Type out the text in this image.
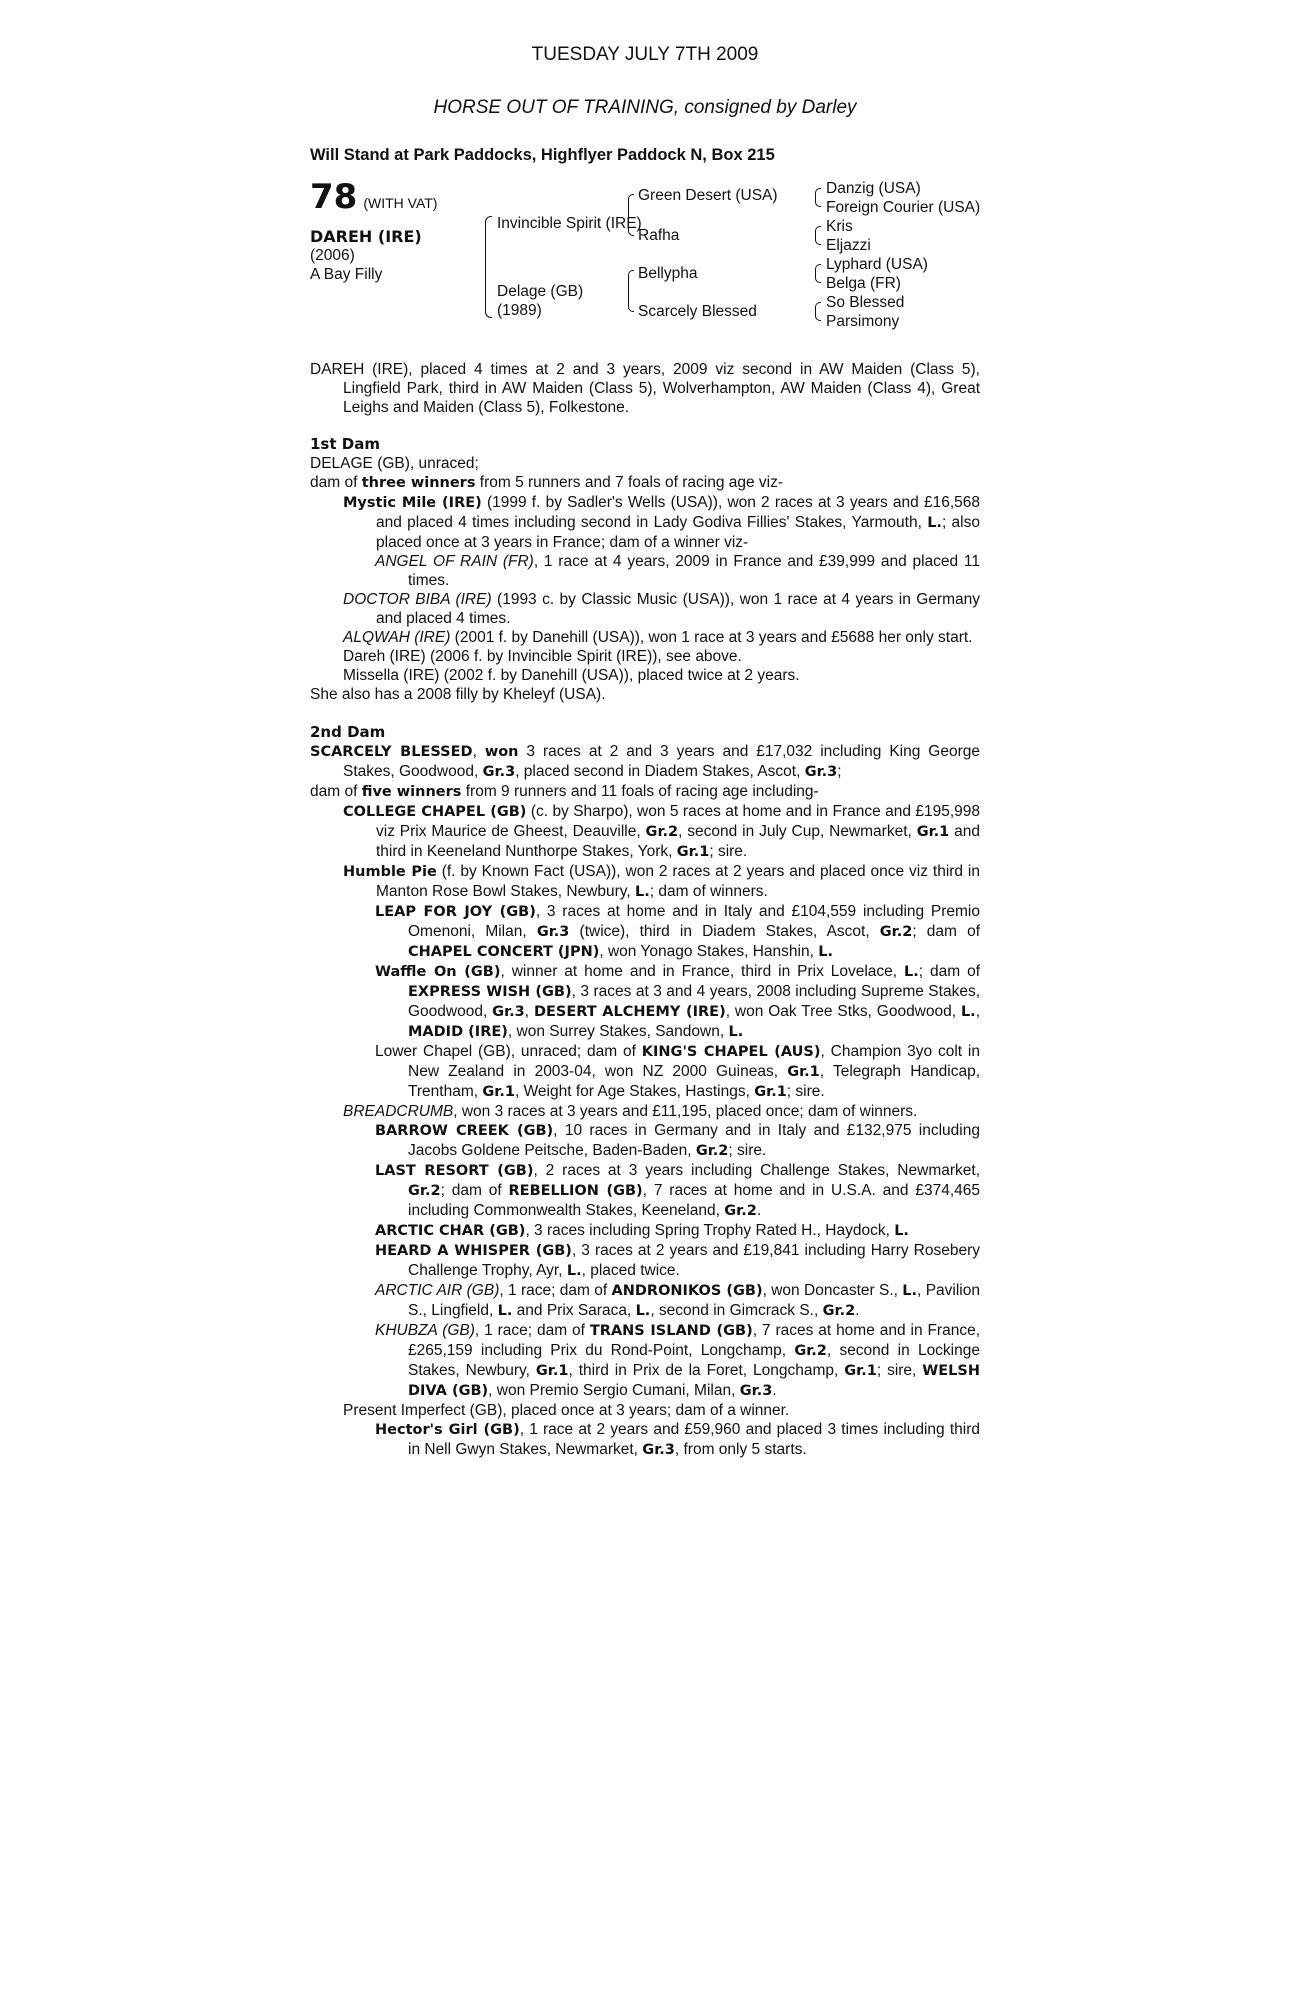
TUESDAY JULY 7TH 2009
HORSE OUT OF TRAINING, consigned by Darley
Will Stand at Park Paddocks, Highflyer Paddock N, Box 215
78 (WITH VAT)
DAREH (IRE)
(2006)
A Bay Filly
Invincible Spirit (IRE)
Delage (GB)
(1989)
Green Desert (USA)
Rafha
Bellypha
Scarcely Blessed
Danzig (USA)
Foreign Courier (USA)
Kris
Eljazzi
Lyphard (USA)
Belga (FR)
So Blessed
Parsimony
DAREH (IRE), placed 4 times at 2 and 3 years, 2009 viz second in AW Maiden (Class 5), Lingfield Park, third in AW Maiden (Class 5), Wolverhampton, AW Maiden (Class 4), Great Leighs and Maiden (Class 5), Folkestone.
1st Dam
DELAGE (GB), unraced;
dam of three winners from 5 runners and 7 foals of racing age viz-
Mystic Mile (IRE) (1999 f. by Sadler's Wells (USA)), won 2 races at 3 years and £16,568 and placed 4 times including second in Lady Godiva Fillies' Stakes, Yarmouth, L.; also placed once at 3 years in France; dam of a winner viz-
ANGEL OF RAIN (FR), 1 race at 4 years, 2009 in France and £39,999 and placed 11 times.
DOCTOR BIBA (IRE) (1993 c. by Classic Music (USA)), won 1 race at 4 years in Germany and placed 4 times.
ALQWAH (IRE) (2001 f. by Danehill (USA)), won 1 race at 3 years and £5688 her only start.
Dareh (IRE) (2006 f. by Invincible Spirit (IRE)), see above.
Missella (IRE) (2002 f. by Danehill (USA)), placed twice at 2 years.
She also has a 2008 filly by Kheleyf (USA).
2nd Dam
SCARCELY BLESSED, won 3 races at 2 and 3 years and £17,032 including King George Stakes, Goodwood, Gr.3, placed second in Diadem Stakes, Ascot, Gr.3;
dam of five winners from 9 runners and 11 foals of racing age including-
COLLEGE CHAPEL (GB) (c. by Sharpo), won 5 races at home and in France and £195,998 viz Prix Maurice de Gheest, Deauville, Gr.2, second in July Cup, Newmarket, Gr.1 and third in Keeneland Nunthorpe Stakes, York, Gr.1; sire.
Humble Pie (f. by Known Fact (USA)), won 2 races at 2 years and placed once viz third in Manton Rose Bowl Stakes, Newbury, L.; dam of winners.
LEAP FOR JOY (GB), 3 races at home and in Italy and £104,559 including Premio Omenoni, Milan, Gr.3 (twice), third in Diadem Stakes, Ascot, Gr.2; dam of CHAPEL CONCERT (JPN), won Yonago Stakes, Hanshin, L.
Waffle On (GB), winner at home and in France, third in Prix Lovelace, L.; dam of EXPRESS WISH (GB), 3 races at 3 and 4 years, 2008 including Supreme Stakes, Goodwood, Gr.3, DESERT ALCHEMY (IRE), won Oak Tree Stks, Goodwood, L., MADID (IRE), won Surrey Stakes, Sandown, L.
Lower Chapel (GB), unraced; dam of KING'S CHAPEL (AUS), Champion 3yo colt in New Zealand in 2003-04, won NZ 2000 Guineas, Gr.1, Telegraph Handicap, Trentham, Gr.1, Weight for Age Stakes, Hastings, Gr.1; sire.
BREADCRUMB, won 3 races at 3 years and £11,195, placed once; dam of winners.
BARROW CREEK (GB), 10 races in Germany and in Italy and £132,975 including Jacobs Goldene Peitsche, Baden-Baden, Gr.2; sire.
LAST RESORT (GB), 2 races at 3 years including Challenge Stakes, Newmarket, Gr.2; dam of REBELLION (GB), 7 races at home and in U.S.A. and £374,465 including Commonwealth Stakes, Keeneland, Gr.2.
ARCTIC CHAR (GB), 3 races including Spring Trophy Rated H., Haydock, L.
HEARD A WHISPER (GB), 3 races at 2 years and £19,841 including Harry Rosebery Challenge Trophy, Ayr, L., placed twice.
ARCTIC AIR (GB), 1 race; dam of ANDRONIKOS (GB), won Doncaster S., L., Pavilion S., Lingfield, L. and Prix Saraca, L., second in Gimcrack S., Gr.2.
KHUBZA (GB), 1 race; dam of TRANS ISLAND (GB), 7 races at home and in France, £265,159 including Prix du Rond-Point, Longchamp, Gr.2, second in Lockinge Stakes, Newbury, Gr.1, third in Prix de la Foret, Longchamp, Gr.1; sire, WELSH DIVA (GB), won Premio Sergio Cumani, Milan, Gr.3.
Present Imperfect (GB), placed once at 3 years; dam of a winner.
Hector's Girl (GB), 1 race at 2 years and £59,960 and placed 3 times including third in Nell Gwyn Stakes, Newmarket, Gr.3, from only 5 starts.
